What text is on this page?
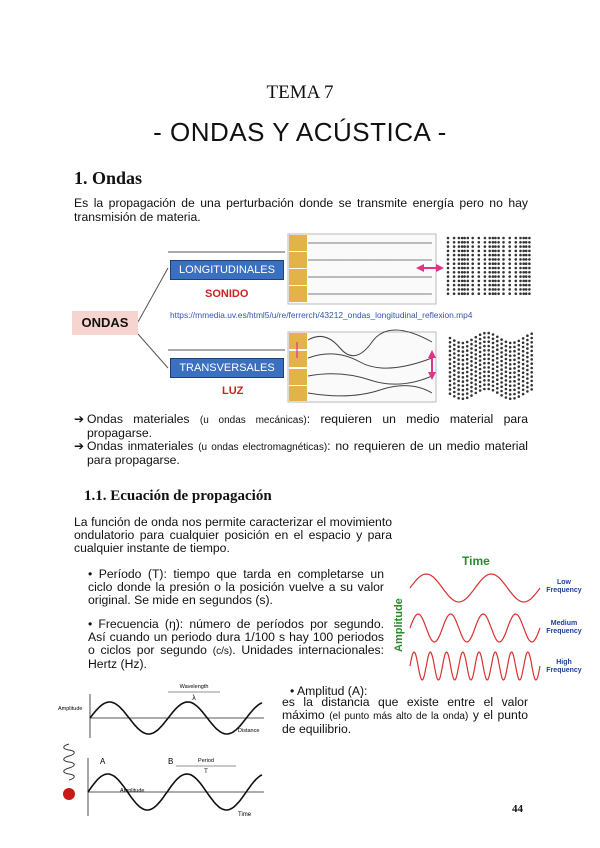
TEMA 7
- ONDAS Y ACÚSTICA -
1. Ondas
Es la propagación de una perturbación donde se transmite energía pero no hay transmisión de materia.
ONDAS
LONGITUDINALES
SONIDO
https://mmedia.uv.es/html5/u/re/ferrerch/43212_ondas_longitudinal_reflexion.mp4
TRANSVERSALES
LUZ
➔ Ondas materiales (u ondas mecánicas): requieren un medio material para propagarse.
➔ Ondas inmateriales (u ondas electromagnéticas): no requieren de un medio material para propagarse.
1.1. Ecuación de propagación
La función de onda nos permite caracterizar el movimiento ondulatorio para cualquier posición en el espacio y para cualquier instante de tiempo.
• Período (T): tiempo que tarda en completarse un ciclo donde la presión o la posición vuelve a su valor original. Se mide en segundos (s).
• Frecuencia (ŋ): número de períodos por segundo. Así cuando un periodo dura 1/100 s hay 100 periodos o ciclos por segundo (c/s). Unidades internacionales: Hertz (Hz).
Time
Amplitude
Low
Frequency
Medium
Frequency
High
Frequency
• Amplitud (A):
es la distancia que existe entre el valor máximo (el punto más alto de la onda) y el punto de equilibrio.
Wavelength
λ
Amplitude
Distance
A	B	Period
T
Amplitude
Time	44
